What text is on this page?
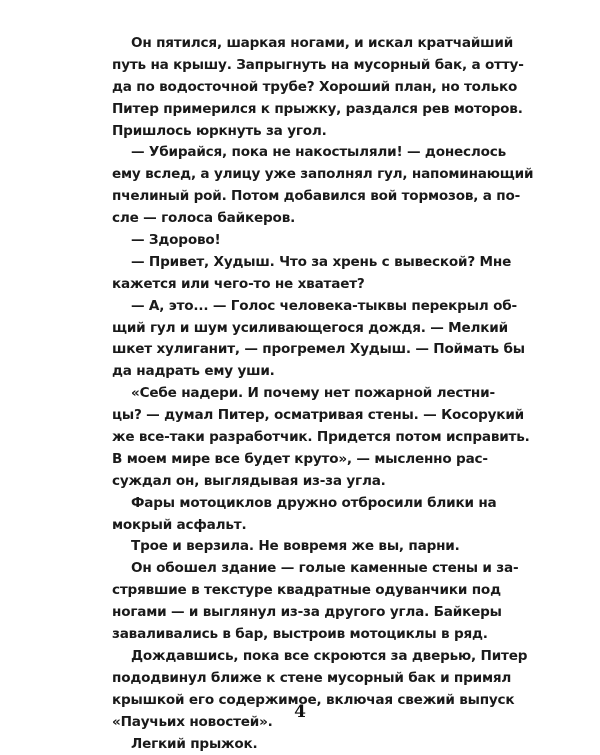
Он пятился, шаркая ногами, и искал кратчайший
путь на крышу. Запрыгнуть на мусорный бак, а отту-
да по водосточной трубе? Хороший план, но только
Питер примерился к прыжку, раздался рев моторов.
Пришлось юркнуть за угол.
— Убирайся, пока не накостыляли! — донеслось
ему вслед, а улицу уже заполнял гул, напоминающий
пчелиный рой. Потом добавился вой тормозов, а по-
сле — голоса байкеров.
— Здорово!
— Привет, Худыш. Что за хрень с вывеской? Мне
кажется или чего-то не хватает?
— А, это... — Голос человека-тыквы перекрыл об-
щий гул и шум усиливающегося дождя. — Мелкий
шкет хулиганит, — прогремел Худыш. — Поймать бы
да надрать ему уши.
«Себе надери. И почему нет пожарной лестни-
цы? — думал Питер, осматривая стены. — Косорукий
же все-таки разработчик. Придется потом исправить.
В моем мире все будет круто», — мысленно рас-
суждал он, выглядывая из-за угла.
Фары мотоциклов дружно отбросили блики на
мокрый асфальт.
Трое и верзила. Не вовремя же вы, парни.
Он обошел здание — голые каменные стены и за-
стрявшие в текстуре квадратные одуванчики под
ногами — и выглянул из-за другого угла. Байкеры
заваливались в бар, выстроив мотоциклы в ряд.
Дождавшись, пока все скроются за дверью, Питер
пододвинул ближе к стене мусорный бак и примял
крышкой его содержимое, включая свежий выпуск
«Паучьих новостей».
Легкий прыжок.
4
